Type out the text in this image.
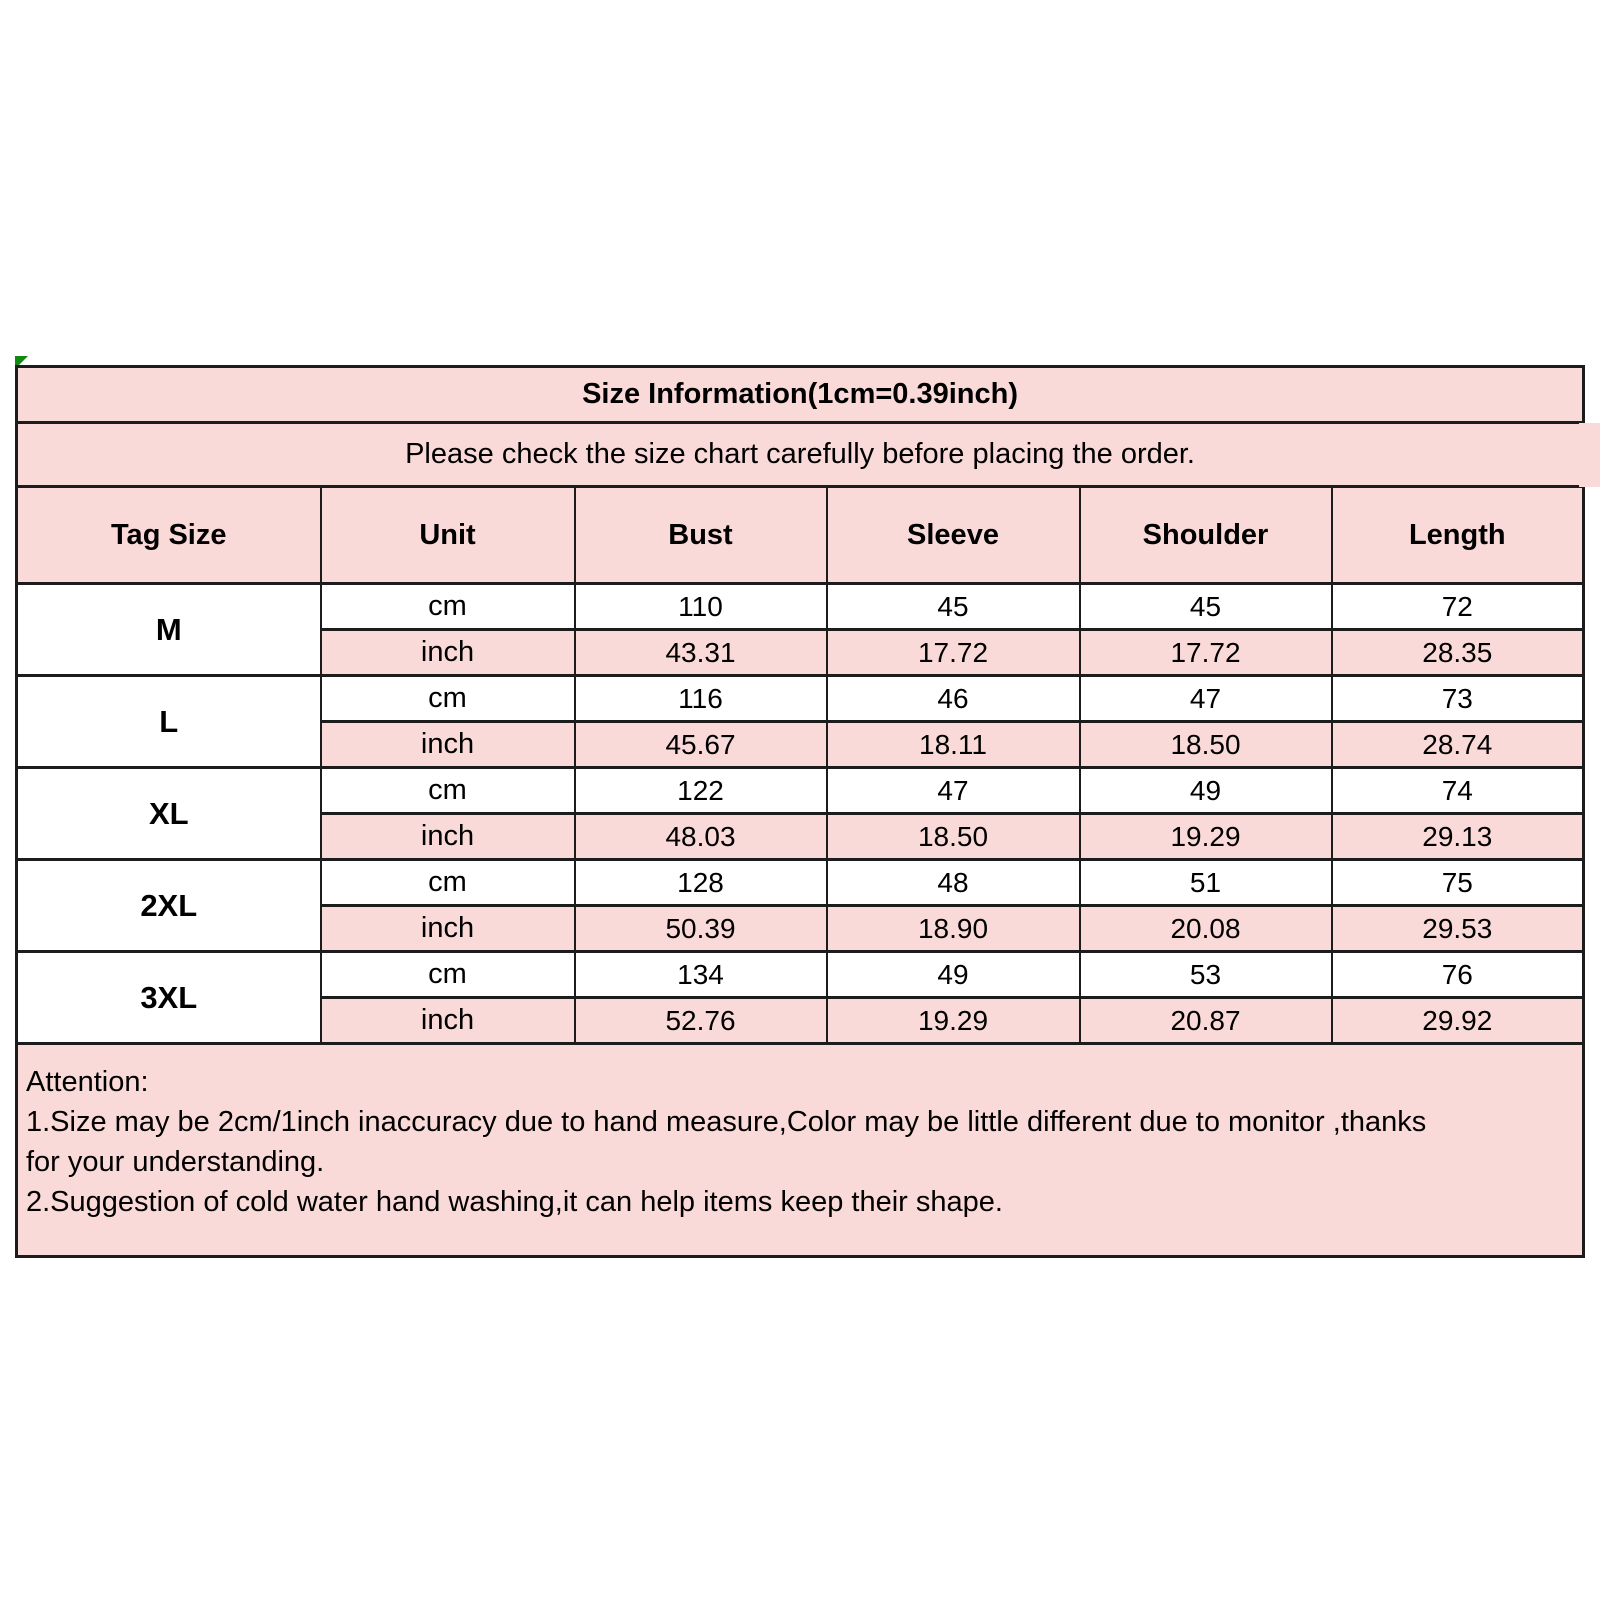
Size Information(1cm=0.39inch)					
Please check the size chart carefully before placing the order.					
Tag Size	Unit	Bust	Sleeve	Shoulder	Length
M	cm	110	45	45	72
	inch	43.31	17.72	17.72	28.35
L	cm	116	46	47	73
	inch	45.67	18.11	18.50	28.74
XL	cm	122	47	49	74
	inch	48.03	18.50	19.29	29.13
2XL	cm	128	48	51	75
	inch	50.39	18.90	20.08	29.53
3XL	cm	134	49	53	76
	inch	52.76	19.29	20.87	29.92

Attention:
1.Size may be 2cm/1inch inaccuracy due to hand measure,Color may be little different due to monitor ,thanks
for your understanding.
2.Suggestion of cold water hand washing,it can help items keep their shape.					
